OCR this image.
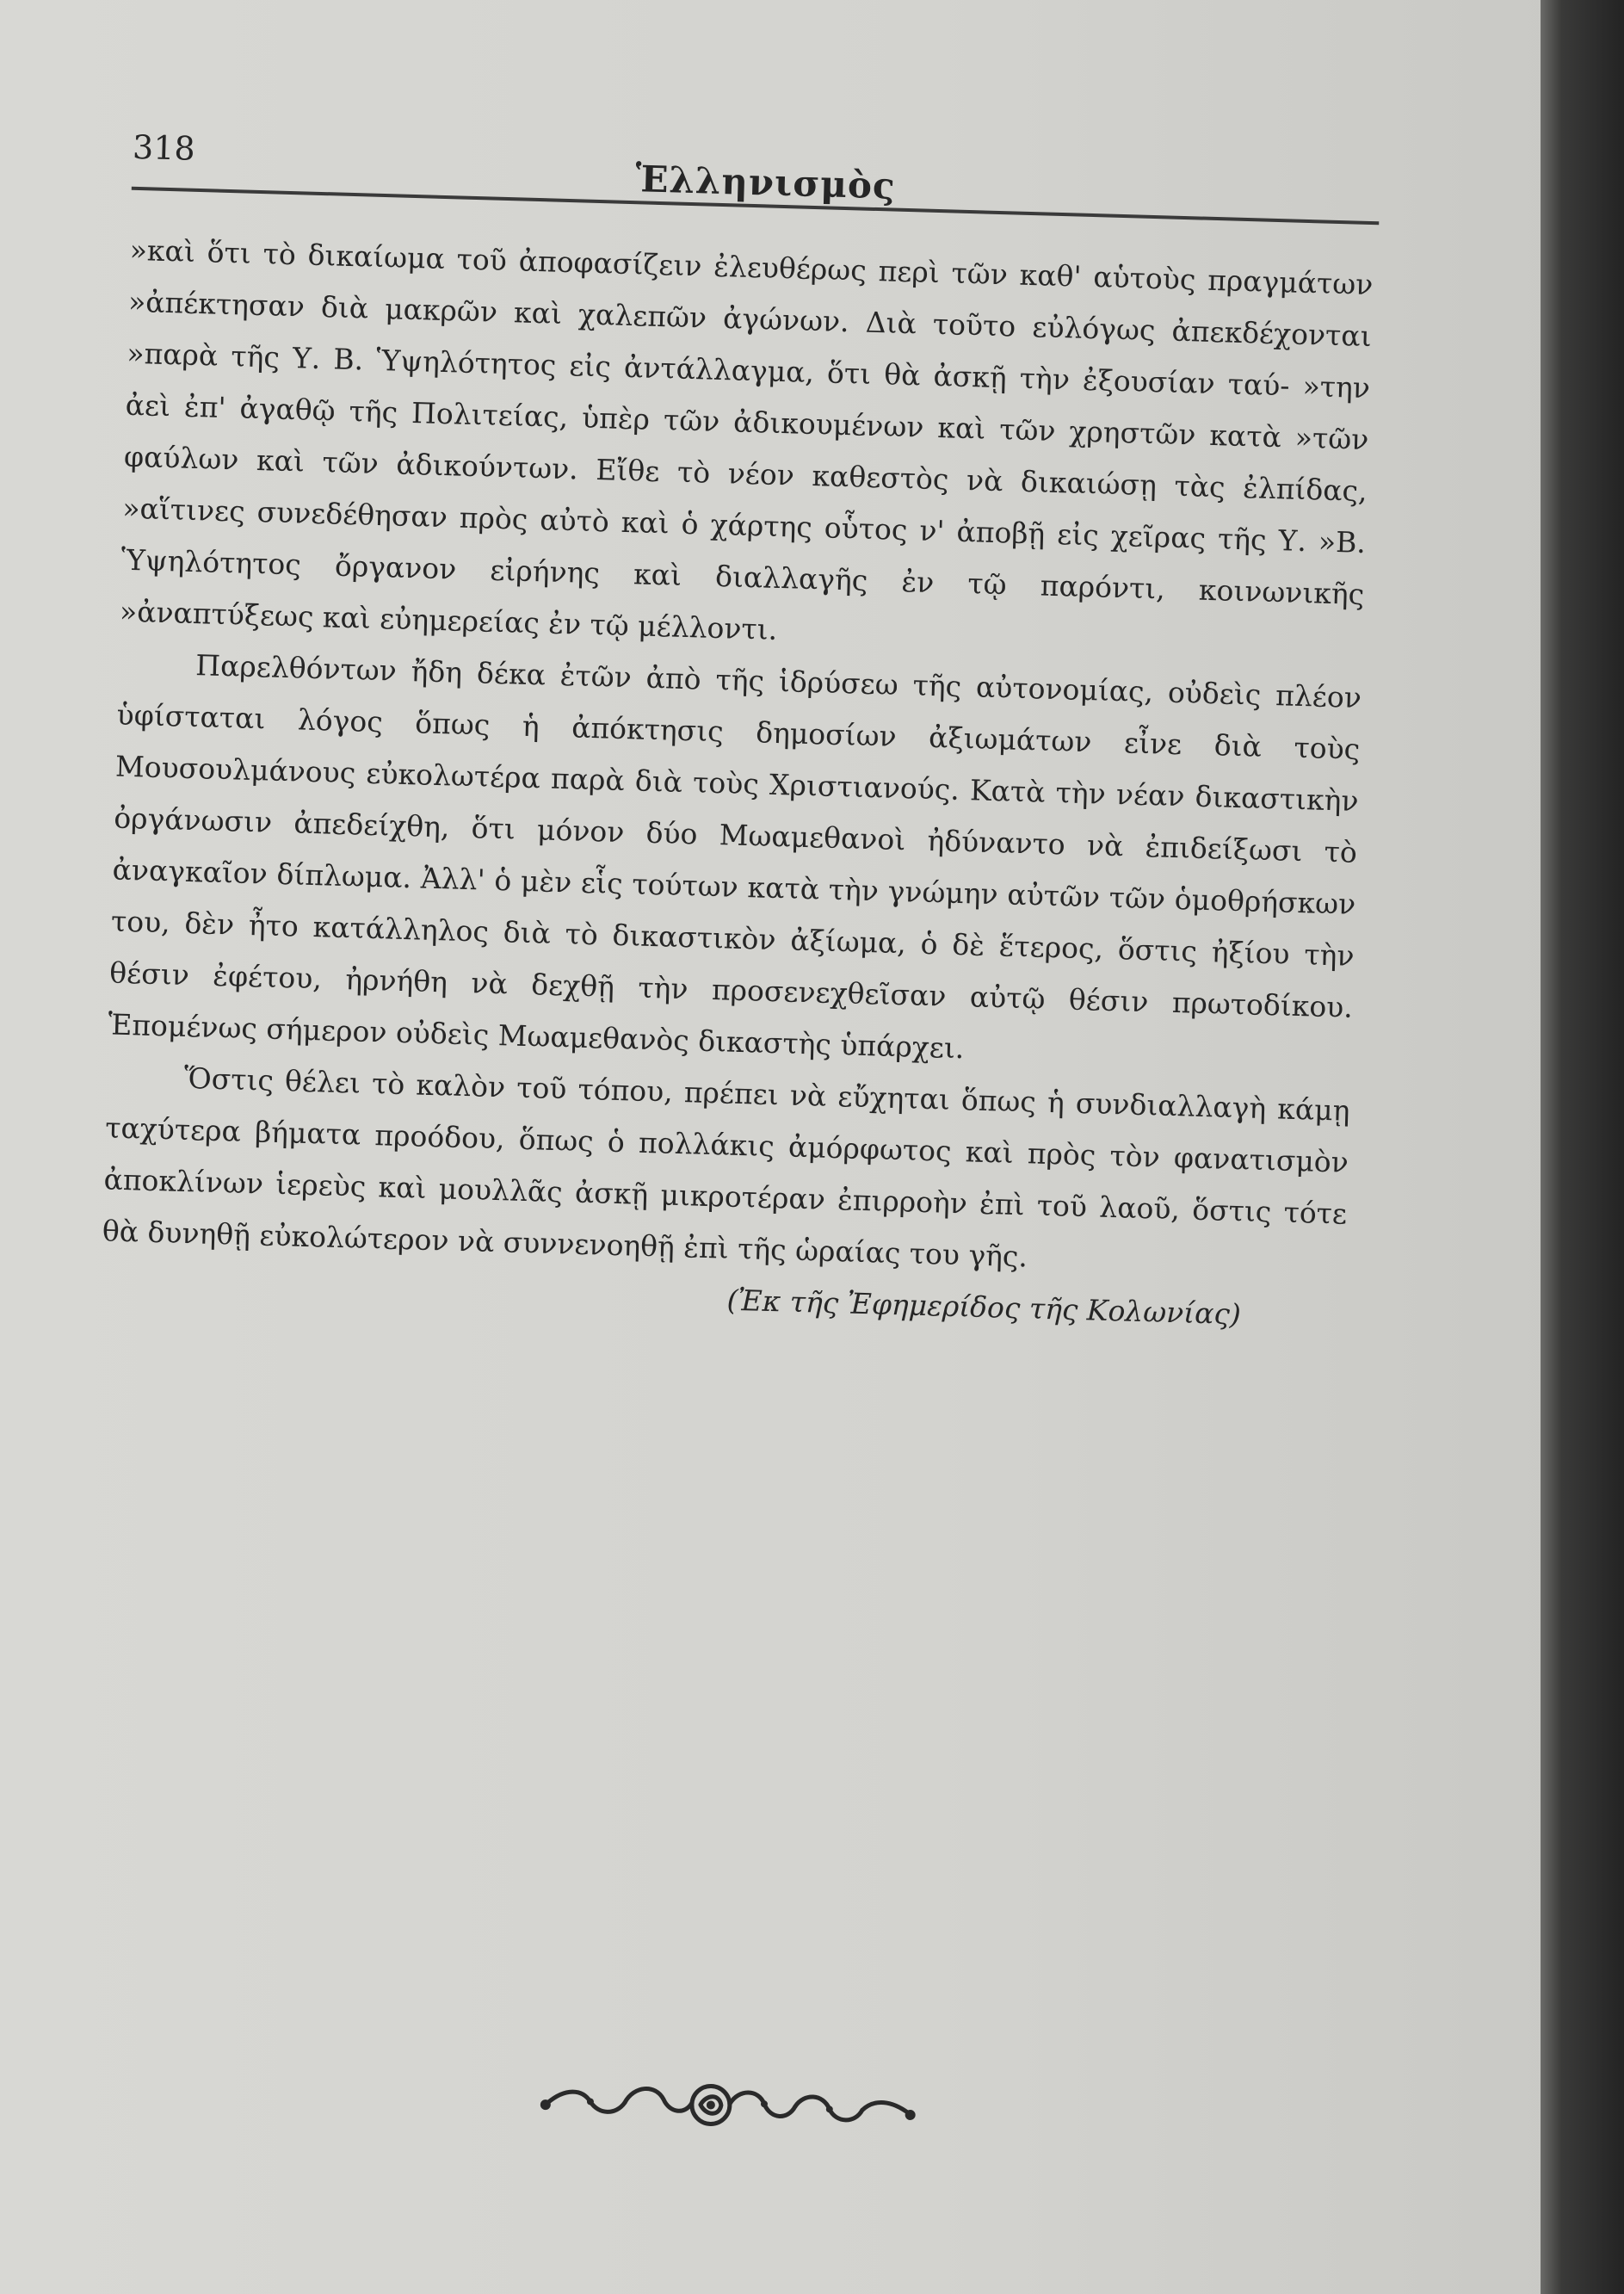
318
Ἑλληνισμὸς

»καὶ ὅτι τὸ δικαίωμα τοῦ ἀποφασίζειν ἐλευθέρως περὶ τῶν καθ' αὑτοὺς πραγμάτων »ἀπέκτησαν διὰ μακρῶν καὶ χαλεπῶν ἀγώνων. Διὰ τοῦτο εὐλόγως ἀπεκδέχονται »παρὰ τῆς Υ. Β. Ὑψηλότητος εἰς ἀντάλλαγμα, ὅτι θὰ ἀσκῇ τὴν ἐξουσίαν ταύ- »την ἀεὶ ἐπ' ἀγαθῷ τῆς Πολιτείας, ὑπὲρ τῶν ἀδικουμένων καὶ τῶν χρηστῶν κατὰ »τῶν φαύλων καὶ τῶν ἀδικούντων. Εἴθε τὸ νέον καθεστὸς νὰ δικαιώσῃ τὰς ἐλπίδας, »αἵτινες συνεδέθησαν πρὸς αὐτὸ καὶ ὁ χάρτης οὗτος ν' ἀποβῇ εἰς χεῖρας τῆς Υ. »Β. Ὑψηλότητος ὄργανον εἰρήνης καὶ διαλλαγῆς ἐν τῷ παρόντι, κοινωνικῆς »ἀναπτύξεως καὶ εὐημερείας ἐν τῷ μέλλοντι.

Παρελθόντων ἤδη δέκα ἐτῶν ἀπὸ τῆς ἱδρύσεω τῆς αὐτονομίας, οὐδεὶς πλέον ὑφίσταται λόγος ὅπως ἡ ἀπόκτησις δημοσίων ἀξιωμάτων εἶνε διὰ τοὺς Μουσουλμάνους εὐκολωτέρα παρὰ διὰ τοὺς Χριστιανούς. Κατὰ τὴν νέαν δικαστικὴν ὀργάνωσιν ἀπεδείχθη, ὅτι μόνον δύο Μωαμεθανοὶ ἠδύναντο νὰ ἐπιδείξωσι τὸ ἀναγκαῖον δίπλωμα. Ἀλλ' ὁ μὲν εἷς τούτων κατὰ τὴν γνώμην αὐτῶν τῶν ὁμοθρήσκων του, δὲν ἦτο κατάλληλος διὰ τὸ δικαστικὸν ἀξίωμα, ὁ δὲ ἕτερος, ὅστις ἠξίου τὴν θέσιν ἐφέτου, ἠρνήθη νὰ δεχθῇ τὴν προσενεχθεῖσαν αὐτῷ θέσιν πρωτοδίκου. Ἑπομένως σήμερον οὐδεὶς Μωαμεθανὸς δικαστὴς ὑπάρχει.

Ὅστις θέλει τὸ καλὸν τοῦ τόπου, πρέπει νὰ εὔχηται ὅπως ἡ συνδιαλλαγὴ κάμῃ ταχύτερα βήματα προόδου, ὅπως ὁ πολλάκις ἀμόρφωτος καὶ πρὸς τὸν φανατισμὸν ἀποκλίνων ἱερεὺς καὶ μουλλᾶς ἀσκῇ μικροτέραν ἐπιρροὴν ἐπὶ τοῦ λαοῦ, ὅστις τότε θὰ δυνηθῇ εὐκολώτερον νὰ συννενοηθῇ ἐπὶ τῆς ὡραίας του γῆς.

(Ἐκ τῆς Ἐφημερίδος τῆς Κολωνίας)
